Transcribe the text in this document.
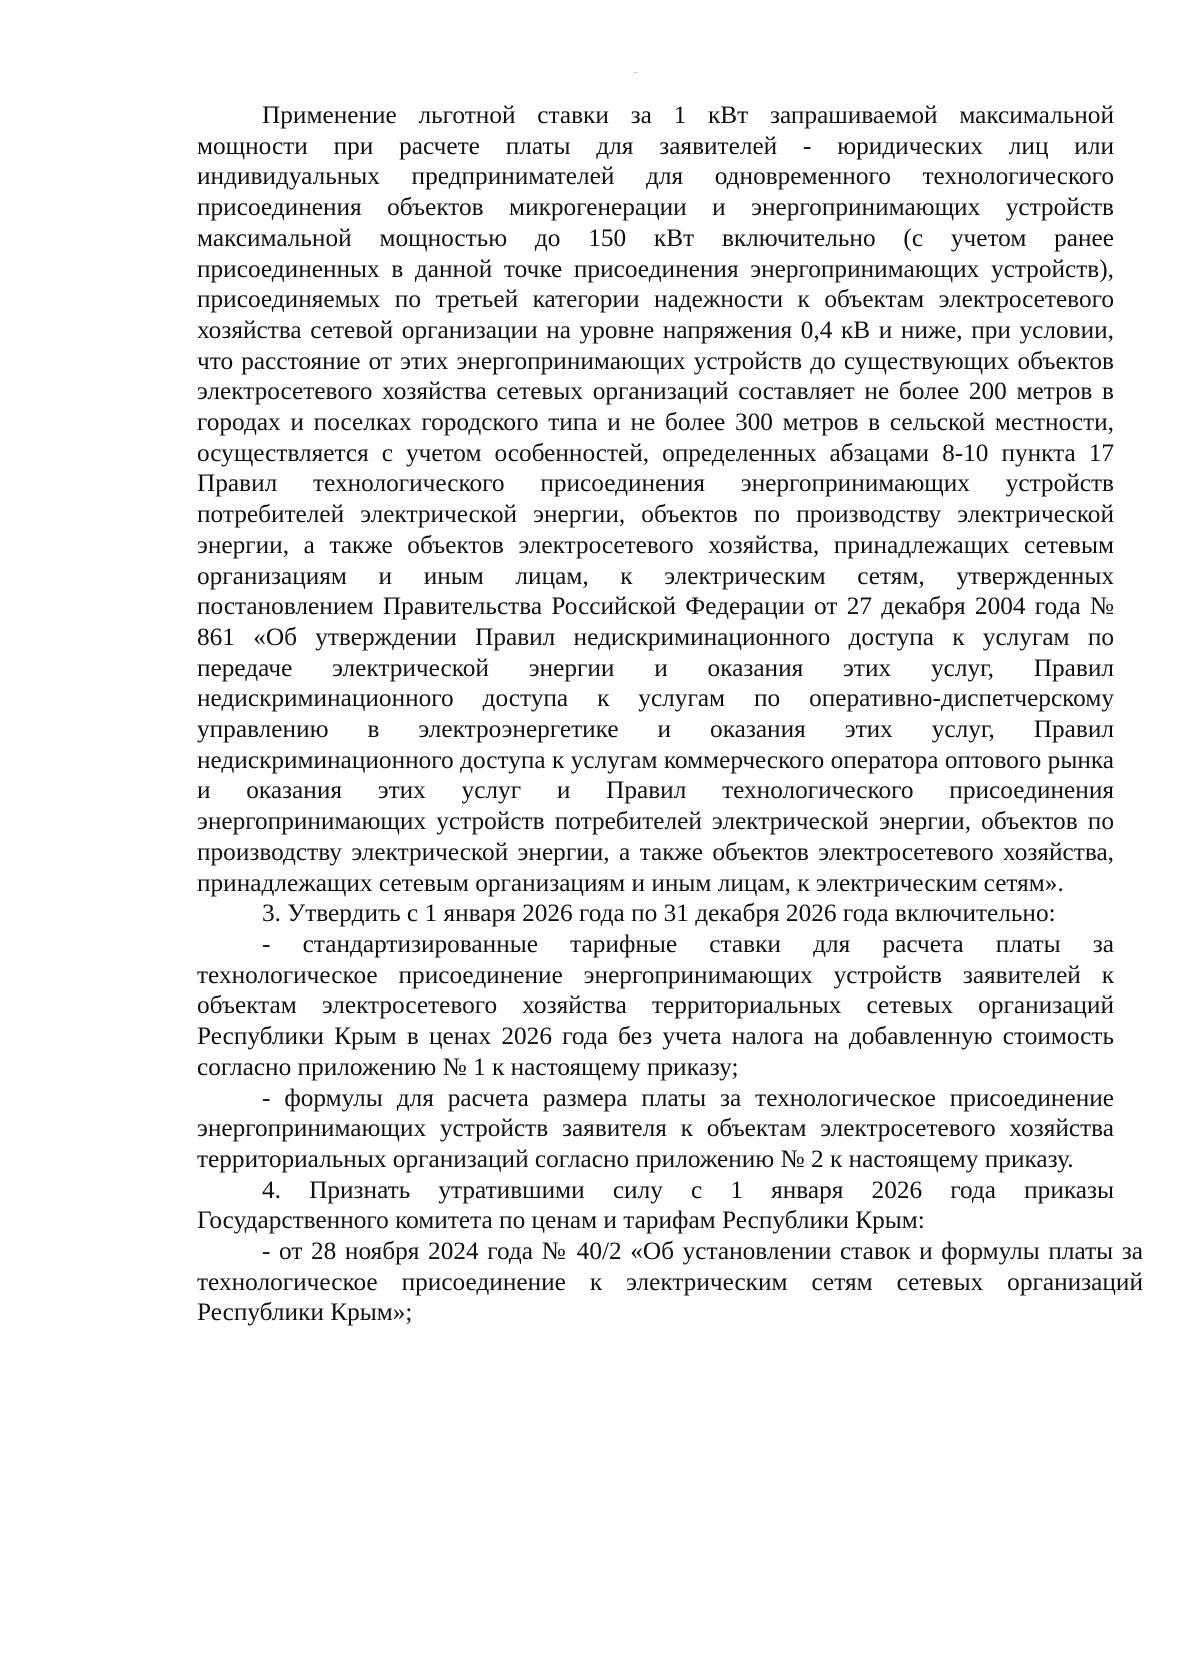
Применение льготной ставки за 1 кВт запрашиваемой максимальной мощности при расчете платы для заявителей - юридических лиц или индивидуальных предпринимателей для одновременного технологического присоединения объектов микрогенерации и энергопринимающих устройств максимальной мощностью до 150 кВт включительно (с учетом ранее присоединенных в данной точке присоединения энергопринимающих устройств), присоединяемых по третьей категории надежности к объектам электросетевого хозяйства сетевой организации на уровне напряжения 0,4 кВ и ниже, при условии, что расстояние от этих энергопринимающих устройств до существующих объектов электросетевого хозяйства сетевых организаций составляет не более 200 метров в городах и поселках городского типа и не более 300 метров в сельской местности, осуществляется с учетом особенностей, определенных абзацами 8-10 пункта 17 Правил технологического присоединения энергопринимающих устройств потребителей электрической энергии, объектов по производству электрической энергии, а также объектов электросетевого хозяйства, принадлежащих сетевым организациям и иным лицам, к электрическим сетям, утвержденных постановлением Правительства Российской Федерации от 27 декабря 2004 года № 861 «Об утверждении Правил недискриминационного доступа к услугам по передаче электрической энергии и оказания этих услуг, Правил недискриминационного доступа к услугам по оперативно-диспетчерскому управлению в электроэнергетике и оказания этих услуг, Правил недискриминационного доступа к услугам коммерческого оператора оптового рынка и оказания этих услуг и Правил технологического присоединения энергопринимающих устройств потребителей электрической энергии, объектов по производству электрической энергии, а также объектов электросетевого хозяйства, принадлежащих сетевым организациям и иным лицам, к электрическим сетям».

3. Утвердить с 1 января 2026 года по 31 декабря 2026 года включительно:

- стандартизированные тарифные ставки для расчета платы за технологическое присоединение энергопринимающих устройств заявителей к объектам электросетевого хозяйства территориальных сетевых организаций Республики Крым в ценах 2026 года без учета налога на добавленную стоимость согласно приложению № 1 к настоящему приказу;

- формулы для расчета размера платы за технологическое присоединение энергопринимающих устройств заявителя к объектам электросетевого хозяйства территориальных организаций согласно приложению № 2 к настоящему приказу.

4. Признать утратившими силу с 1 января 2026 года приказы Государственного комитета по ценам и тарифам Республики Крым:

- от 28 ноября 2024 года № 40/2 «Об установлении ставок и формулы платы за технологическое присоединение к электрическим сетям сетевых организаций Республики Крым»;
